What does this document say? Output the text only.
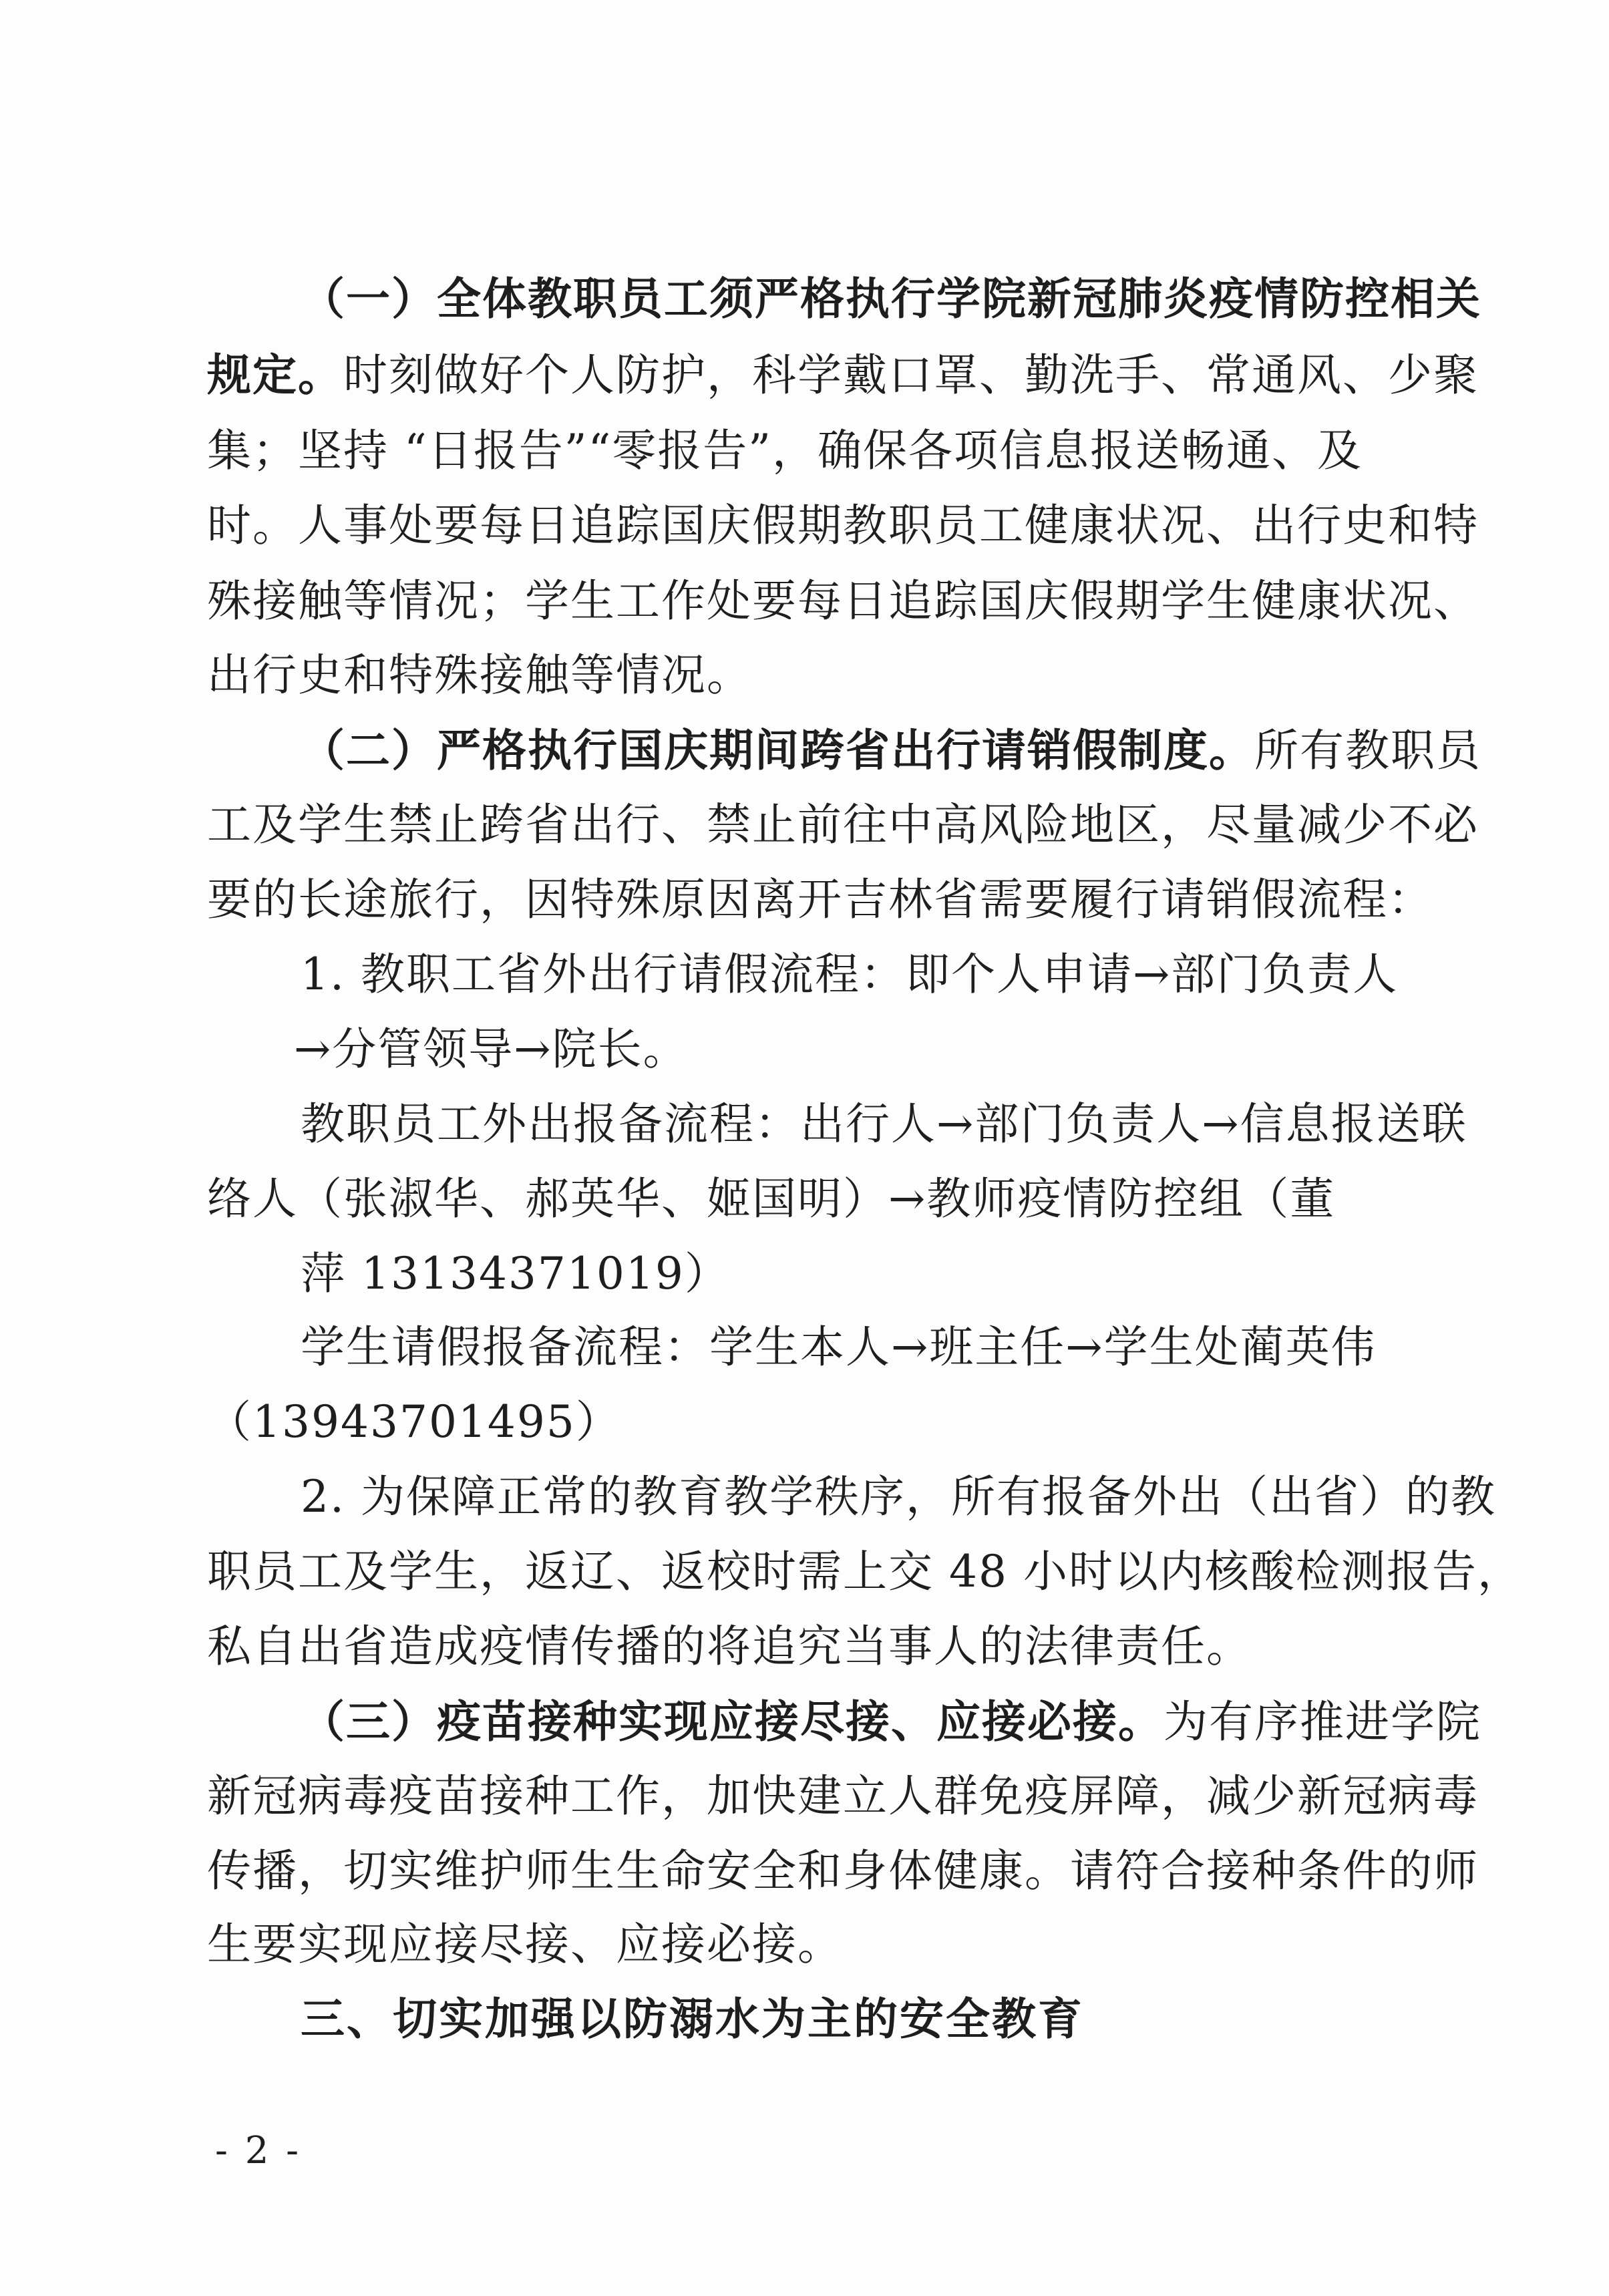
（一）全体教职员工须严格执行学院新冠肺炎疫情防控相关
规定。时刻做好个人防护，科学戴口罩、勤洗手、常通风、少聚
集；坚持 “日报告”“零报告”，确保各项信息报送畅通、及
时。人事处要每日追踪国庆假期教职员工健康状况、出行史和特
殊接触等情况；学生工作处要每日追踪国庆假期学生健康状况、
出行史和特殊接触等情况。
（二）严格执行国庆期间跨省出行请销假制度。所有教职员
工及学生禁止跨省出行、禁止前往中高风险地区，尽量减少不必
要的长途旅行，因特殊原因离开吉林省需要履行请销假流程：
1. 教职工省外出行请假流程：即个人申请→部门负责人
→分管领导→院长。
教职员工外出报备流程：出行人→部门负责人→信息报送联
络人（张淑华、郝英华、姬国明）→教师疫情防控组（董
萍 13134371019）
学生请假报备流程：学生本人→班主任→学生处蔺英伟
（13943701495）
2. 为保障正常的教育教学秩序，所有报备外出（出省）的教
职员工及学生，返辽、返校时需上交 48 小时以内核酸检测报告，
私自出省造成疫情传播的将追究当事人的法律责任。
（三）疫苗接种实现应接尽接、应接必接。为有序推进学院
新冠病毒疫苗接种工作，加快建立人群免疫屏障，减少新冠病毒
传播，切实维护师生生命安全和身体健康。请符合接种条件的师
生要实现应接尽接、应接必接。
三、切实加强以防溺水为主的安全教育
- 2 -
